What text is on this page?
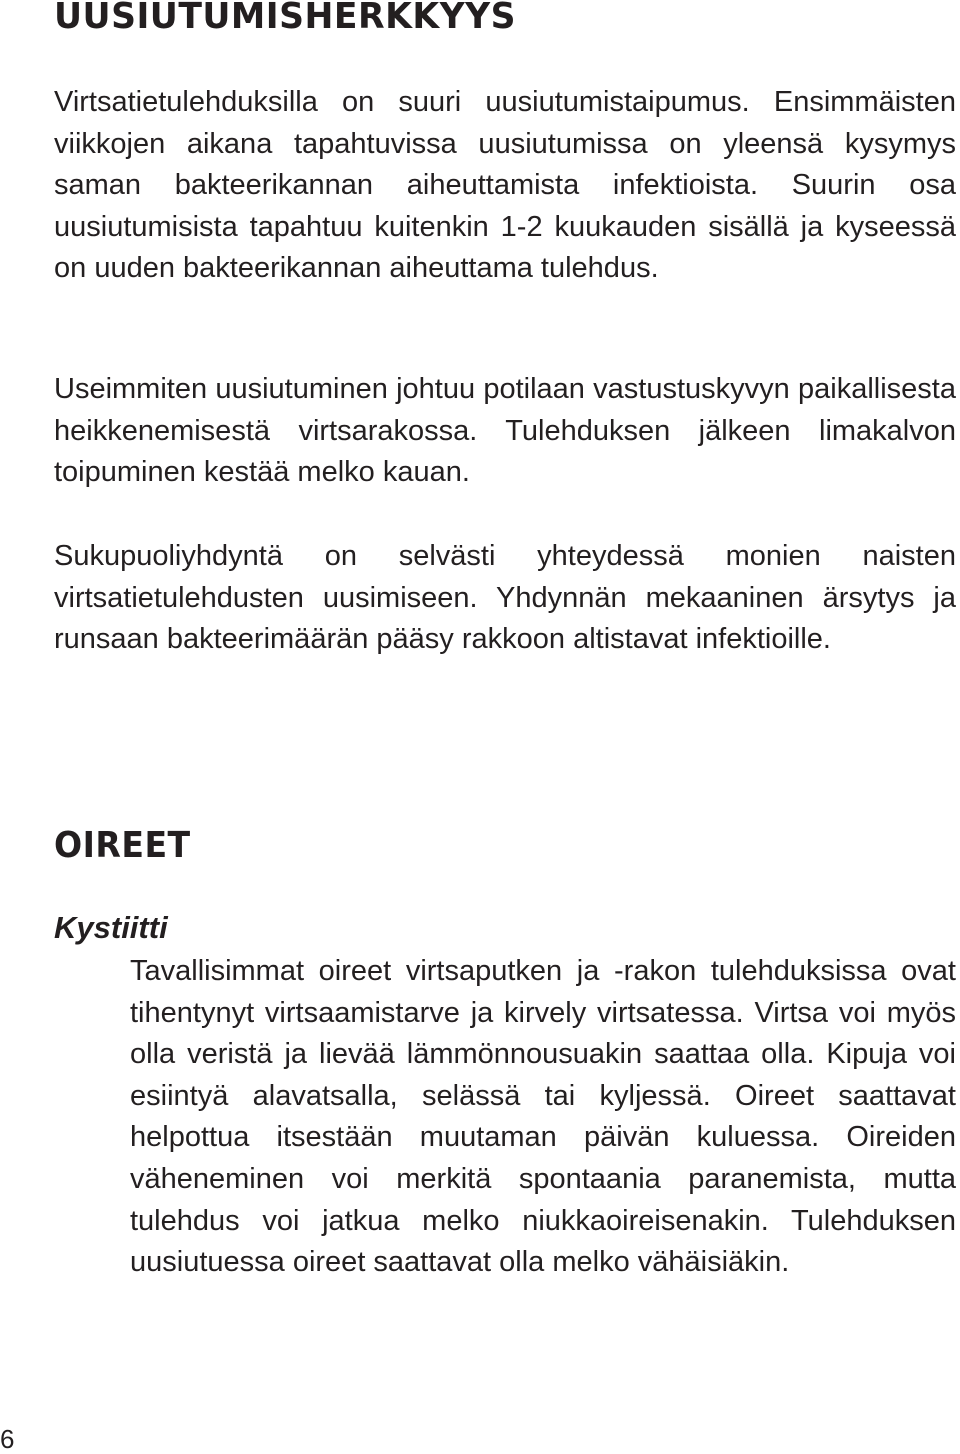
UUSIUTUMISHERKKYYS

Virtsatietulehduksilla on suuri uusiutumistaipumus. Ensimmäisten viikkojen aikana tapahtuvissa uusiutumissa on yleensä kysymys saman bakteerikannan aiheuttamista infektioista. Suurin osa uusiutumisista tapahtuu kuitenkin 1-2 kuukauden sisällä ja kyseessä on uuden bakteerikannan aiheuttama tulehdus.

Useimmiten uusiutuminen johtuu potilaan vastustuskyvyn paikallisesta heikkenemisestä virtsarakossa. Tulehduksen jälkeen limakalvon toipuminen kestää melko kauan.

Sukupuoliyhdyntä on selvästi yhteydessä monien naisten virtsatietulehdusten uusimiseen. Yhdynnän mekaaninen ärsytys ja runsaan bakteerimäärän pääsy rakkoon altistavat infektioille.

OIREET
Kystiitti

Tavallisimmat oireet virtsaputken ja -rakon tulehduksissa ovat tihentynyt virtsaamistarve ja kirvely virtsatessa. Virtsa voi myös olla veristä ja lievää lämmönnousuakin saattaa olla. Kipuja voi esiintyä alavatsalla, selässä tai kyljessä. Oireet saattavat helpottua itsestään muutaman päivän kuluessa. Oireiden väheneminen voi merkitä spontaania paranemista, mutta tulehdus voi jatkua melko niukkaoireisenakin. Tulehduksen uusiutuessa oireet saattavat olla melko vähäisiäkin.

6
